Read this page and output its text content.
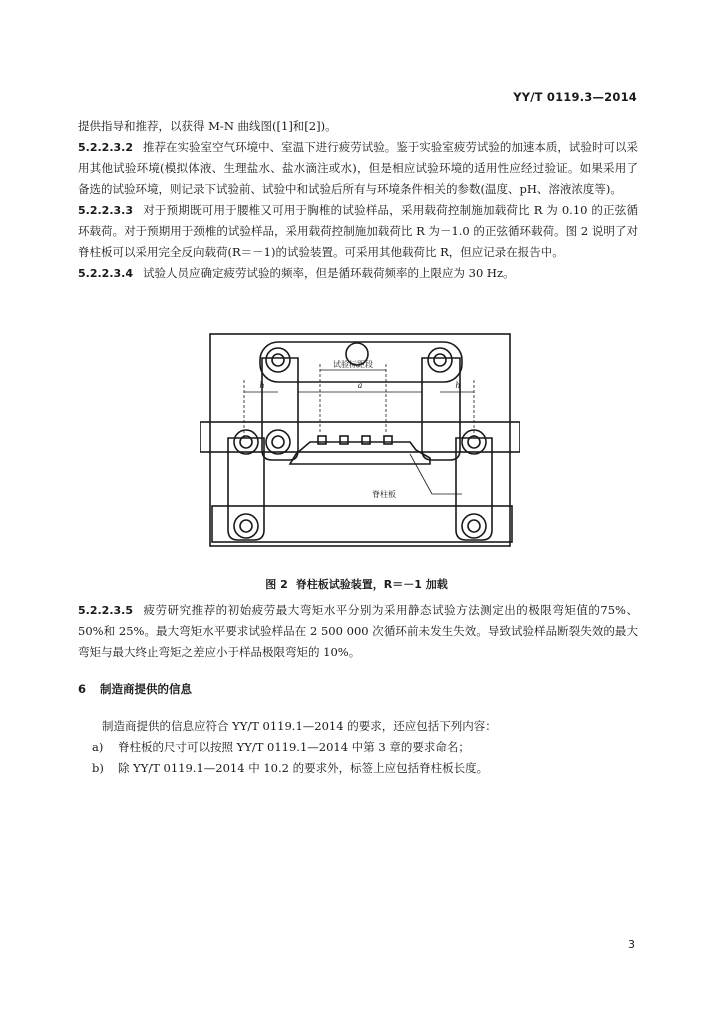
YY/T 0119.3—2014

提供指导和推荐，以获得 M-N 曲线图([1]和[2])。

5.2.2.3.2 推荐在实验室空气环境中、室温下进行疲劳试验。鉴于实验室疲劳试验的加速本质，试验时可以采用其他试验环境(模拟体液、生理盐水、盐水滴注或水)，但是相应试验环境的适用性应经过验证。如果采用了备选的试验环境，则记录下试验前、试验中和试验后所有与环境条件相关的参数(温度、pH、溶液浓度等)。

5.2.2.3.3 对于预期既可用于腰椎又可用于胸椎的试验样品，采用载荷控制施加载荷比 R 为 0.10 的正弦循环载荷。对于预期用于颈椎的试验样品，采用载荷控制施加载荷比 R 为－1.0 的正弦循环载荷。图 2 说明了对脊柱板可以采用完全反向载荷(R＝－1)的试验装置。可采用其他载荷比 R，但应记录在报告中。

5.2.2.3.4 试验人员应确定疲劳试验的频率，但是循环载荷频率的上限应为 30 Hz。

试验标距段
a
h	h
脊柱板
图 2 脊柱板试验装置，R＝－1 加载

5.2.2.3.5 疲劳研究推荐的初始疲劳最大弯矩水平分别为采用静态试验方法测定出的极限弯矩值的75%、50%和 25%。最大弯矩水平要求试验样品在 2 500 000 次循环前未发生失效。导致试验样品断裂失效的最大弯矩与最大终止弯矩之差应小于样品极限弯矩的 10%。

6 制造商提供的信息

制造商提供的信息应符合 YY/T 0119.1—2014 的要求，还应包括下列内容：

a) 脊柱板的尺寸可以按照 YY/T 0119.1—2014 中第 3 章的要求命名；

b) 除 YY/T 0119.1—2014 中 10.2 的要求外，标签上应包括脊柱板长度。

3
